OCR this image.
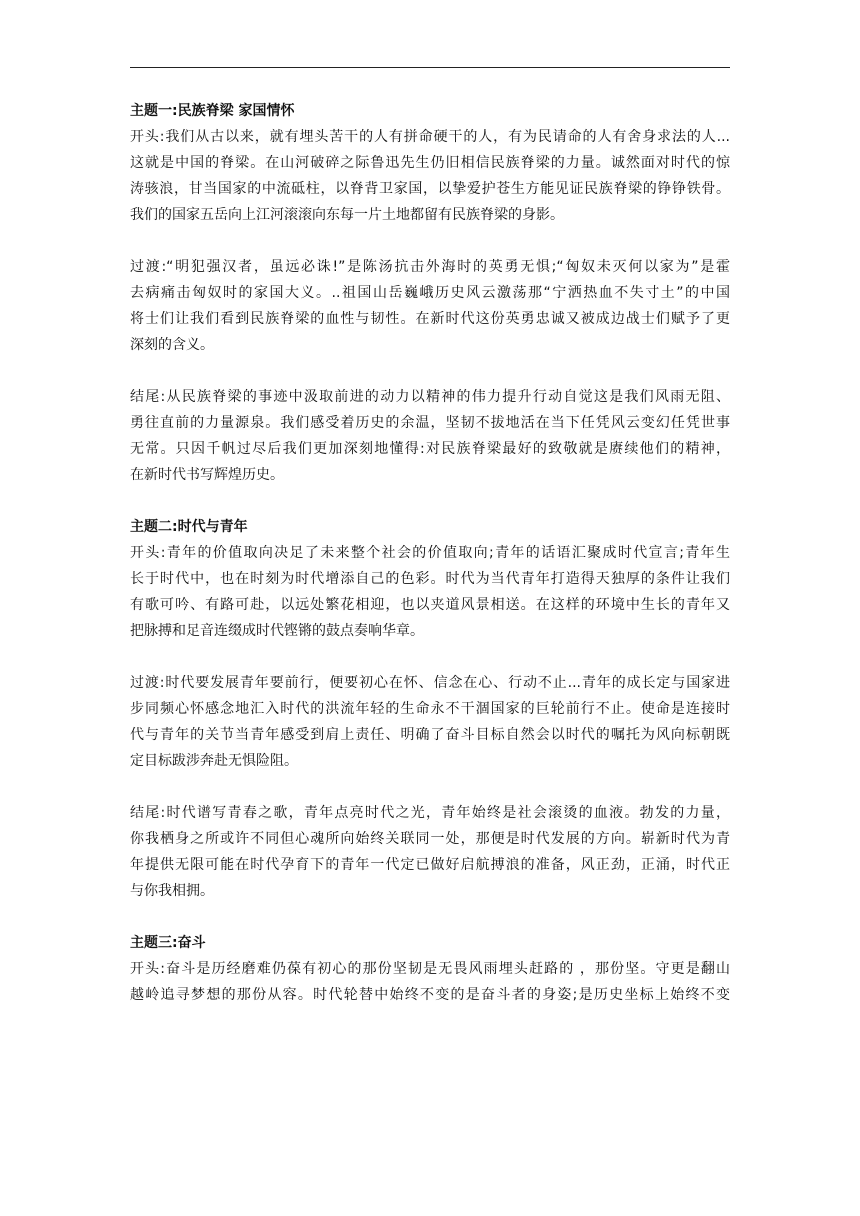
主题一:民族脊梁 家国情怀

开头:我们从古以来，就有埋头苦干的人有拼命硬干的人，有为民请命的人有舍身求法的人...
这就是中国的脊梁。在山河破碎之际鲁迅先生仍旧相信民族脊梁的力量。诚然面对时代的惊
涛骇浪，甘当国家的中流砥柱，以脊背卫家国，以挚爱护苍生方能见证民族脊梁的铮铮铁骨。
我们的国家五岳向上江河滚滚向东每一片土地都留有民族脊梁的身影。

过渡:“明犯强汉者，虽远必诛!”是陈汤抗击外海时的英勇无惧;“匈奴未灭何以家为”是霍
去病痛击匈奴时的家国大义。..祖国山岳巍峨历史风云激荡那“宁洒热血不失寸土”的中国
将士们让我们看到民族脊梁的血性与韧性。在新时代这份英勇忠诚又被成边战士们赋予了更
深刻的含义。

结尾:从民族脊梁的事迹中汲取前进的动力以精神的伟力提升行动自觉这是我们风雨无阻、
勇往直前的力量源泉。我们感受着历史的余温，坚韧不拔地活在当下任凭风云变幻任凭世事
无常。只因千帆过尽后我们更加深刻地懂得:对民族脊梁最好的致敬就是赓续他们的精神，
在新时代书写辉煌历史。

主题二:时代与青年

开头:青年的价值取向决足了未来整个社会的价值取向;青年的话语汇聚成时代宣言;青年生
长于时代中，也在时刻为时代增添自己的色彩。时代为当代青年打造得天独厚的条件让我们
有歌可吟、有路可赴，以远处繁花相迎，也以夹道风景相送。在这样的环境中生长的青年又
把脉搏和足音连缀成时代铿锵的鼓点奏响华章。

过渡:时代要发展青年要前行，便要初心在怀、信念在心、行动不止...青年的成长定与国家进
步同频心怀感念地汇入时代的洪流年轻的生命永不干涸国家的巨轮前行不止。使命是连接时
代与青年的关节当青年感受到肩上责任、明确了奋斗目标自然会以时代的嘱托为风向标朝既
定目标跋涉奔赴无惧险阻。

结尾:时代谱写青春之歌，青年点亮时代之光，青年始终是社会滚烫的血液。勃发的力量，
你我栖身之所或许不同但心魂所向始终关联同一处，那便是时代发展的方向。崭新时代为青
年提供无限可能在时代孕育下的青年一代定已做好启航搏浪的准备，风正劲，正涌，时代正
与你我相拥。

主题三:奋斗

开头:奋斗是历经磨难仍葆有初心的那份坚韧是无畏风雨埋头赶路的 ，那份坚。守更是翻山
越岭追寻梦想的那份从容。时代轮替中始终不变的是奋斗者的身姿;是历史坐标上始终不变
